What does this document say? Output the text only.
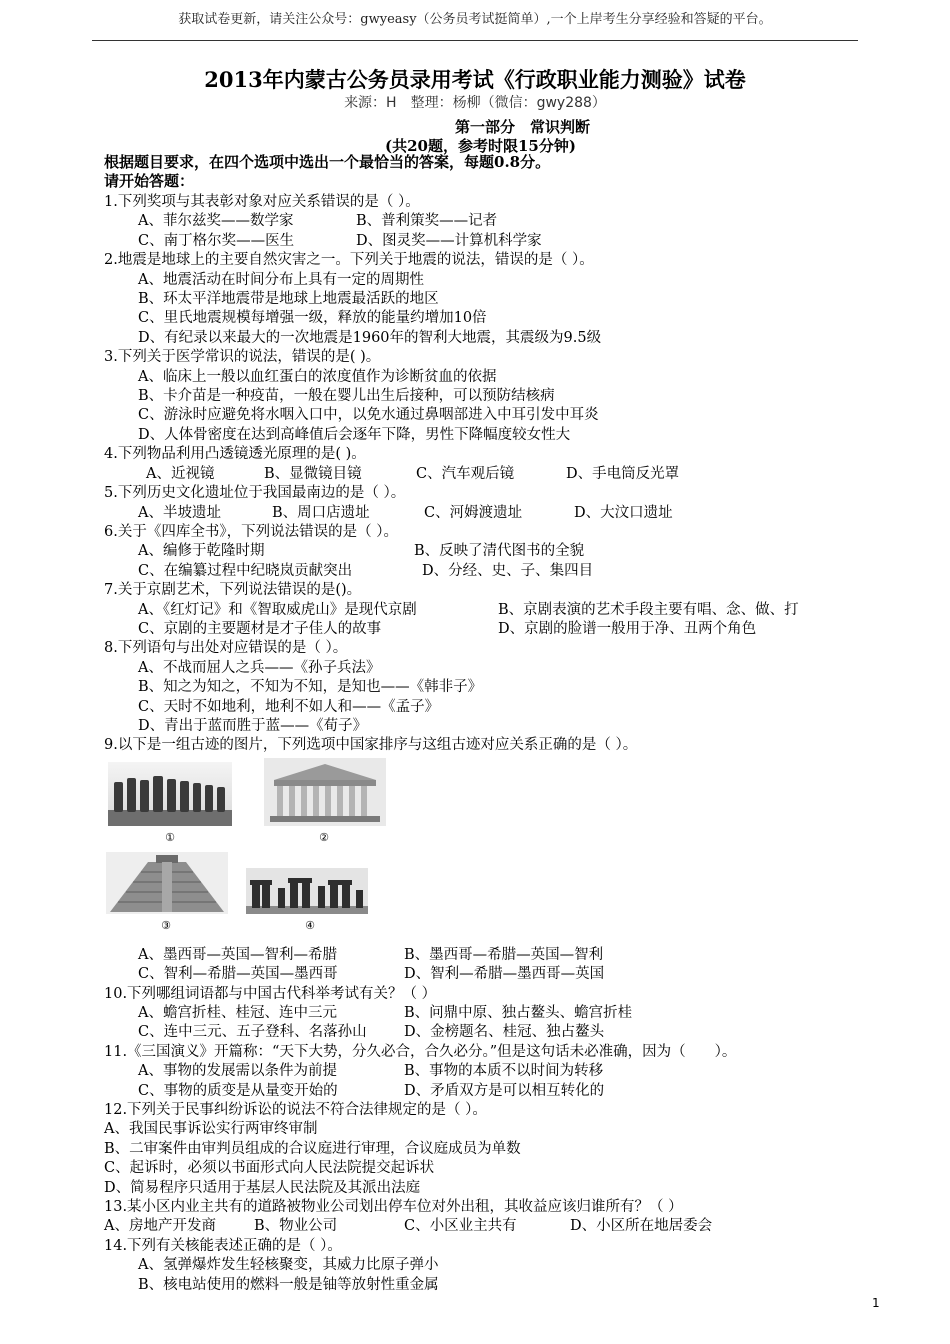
获取试卷更新，请关注公众号：gwyeasy（公务员考试挺简单）,一个上岸考生分享经验和答疑的平台。
2013年内蒙古公务员录用考试《行政职业能力测验》试卷
来源：H　整理：杨柳（微信：gwy288）
第一部分　常识判断
(共20题，参考时限15分钟)
根据题目要求，在四个选项中选出一个最恰当的答案，每题0.8分。
请开始答题：
1.下列奖项与其表彰对象对应关系错误的是（ ）。
A、菲尔兹奖——数学家	B、普利策奖——记者
C、南丁格尔奖——医生	D、图灵奖——计算机科学家
2.地震是地球上的主要自然灾害之一。下列关于地震的说法，错误的是（ ）。
A、地震活动在时间分布上具有一定的周期性
B、环太平洋地震带是地球上地震最活跃的地区
C、里氏地震规模每增强一级，释放的能量约增加10倍
D、有纪录以来最大的一次地震是1960年的智利大地震，其震级为9.5级
3.下列关于医学常识的说法，错误的是( )。
A、临床上一般以血红蛋白的浓度值作为诊断贫血的依据
B、卡介苗是一种疫苗，一般在婴儿出生后接种，可以预防结核病
C、游泳时应避免将水咽入口中，以免水通过鼻咽部进入中耳引发中耳炎
D、人体骨密度在达到高峰值后会逐年下降，男性下降幅度较女性大
4.下列物品利用凸透镜透光原理的是( )。
A、近视镜	B、显微镜目镜	C、汽车观后镜	D、手电筒反光罩
5.下列历史文化遗址位于我国最南边的是（ ）。
A、半坡遗址	B、周口店遗址	C、河姆渡遗址	D、大汶口遗址
6.关于《四库全书》，下列说法错误的是（ ）。
A、编修于乾隆时期	B、反映了清代图书的全貌
C、在编纂过程中纪晓岚贡献突出	D、分经、史、子、集四目
7.关于京剧艺术，下列说法错误的是()。
A、《红灯记》和《智取威虎山》是现代京剧	B、京剧表演的艺术手段主要有唱、念、做、打
C、京剧的主要题材是才子佳人的故事	D、京剧的脸谱一般用于净、丑两个角色
8.下列语句与出处对应错误的是（ ）。
A、不战而屈人之兵——《孙子兵法》
B、知之为知之，不知为不知，是知也——《韩非子》
C、天时不如地利，地利不如人和——《孟子》
D、青出于蓝而胜于蓝——《荀子》
9.以下是一组古迹的图片，下列选项中国家排序与这组古迹对应关系正确的是（ ）。
①	②
③	④
A、墨西哥—英国—智利—希腊	B、墨西哥—希腊—英国—智利
C、智利—希腊—英国—墨西哥	D、智利—希腊—墨西哥—英国
10.下列哪组词语都与中国古代科举考试有关？（ ）
A、蟾宫折桂、桂冠、连中三元	B、问鼎中原、独占鳌头、蟾宫折桂
C、连中三元、五子登科、名落孙山	D、金榜题名、桂冠、独占鳌头
11.《三国演义》开篇称：“天下大势，分久必合，合久必分。”但是这句话未必准确，因为（　　）。
A、事物的发展需以条件为前提	B、事物的本质不以时间为转移
C、事物的质变是从量变开始的	D、矛盾双方是可以相互转化的
12.下列关于民事纠纷诉讼的说法不符合法律规定的是（ ）。
A、我国民事诉讼实行两审终审制
B、二审案件由审判员组成的合议庭进行审理，合议庭成员为单数
C、起诉时，必须以书面形式向人民法院提交起诉状
D、简易程序只适用于基层人民法院及其派出法庭
13.某小区内业主共有的道路被物业公司划出停车位对外出租，其收益应该归谁所有？（ ）
A、房地产开发商	B、物业公司	C、小区业主共有	D、小区所在地居委会
14.下列有关核能表述正确的是（ ）。
A、氢弹爆炸发生轻核聚变，其威力比原子弹小
B、核电站使用的燃料一般是铀等放射性重金属
1
